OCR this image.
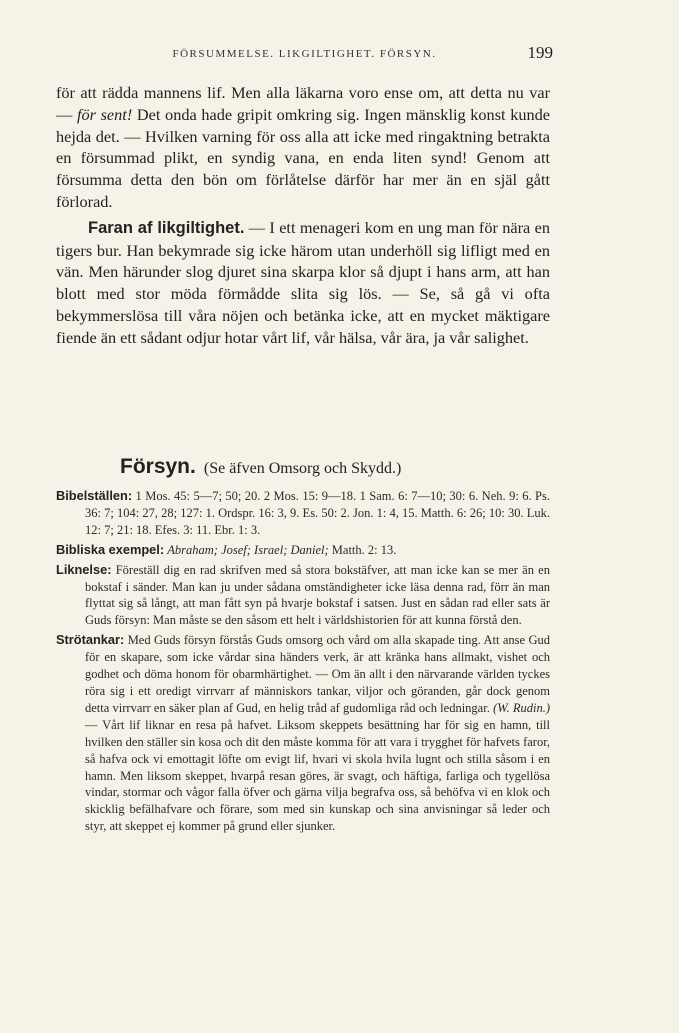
FÖRSUMMELSE. LIKGILTIGHET. FÖRSYN.	199

för att rädda mannens lif. Men alla läkarna voro ense om, att detta nu var — för sent! Det onda hade gripit omkring sig. Ingen mänsklig konst kunde hejda det. — Hvilken varning för oss alla att icke med ringaktning betrakta en försummad plikt, en syndig vana, en enda liten synd! Genom att försumma detta den bön om förlåtelse därför har mer än en själ gått förlorad.

Faran af likgiltighet. — I ett menageri kom en ung man för nära en tigers bur. Han bekymrade sig icke härom utan underhöll sig lifligt med en vän. Men härunder slog djuret sina skarpa klor så djupt i hans arm, att han blott med stor möda förmådde slita sig lös. — Se, så gå vi ofta bekymmerslösa till våra nöjen och betänka icke, att en mycket mäktigare fiende än ett sådant odjur hotar vårt lif, vår hälsa, vår ära, ja vår salighet.

Försyn. (Se äfven Omsorg och Skydd.)

Bibelställen: 1 Mos. 45: 5—7; 50; 20. 2 Mos. 15: 9—18. 1 Sam. 6: 7—10; 30: 6. Neh. 9: 6. Ps. 36: 7; 104: 27, 28; 127: 1. Ordspr. 16: 3, 9. Es. 50: 2. Jon. 1: 4, 15. Matth. 6: 26; 10: 30. Luk. 12: 7; 21: 18. Efes. 3: 11. Ebr. 1: 3.

Bibliska exempel: Abraham; Josef; Israel; Daniel; Matth. 2: 13.

Liknelse: Föreställ dig en rad skrifven med så stora bokstäfver, att man icke kan se mer än en bokstaf i sänder. Man kan ju under sådana omständigheter icke läsa denna rad, förr än man flyttat sig så långt, att man fått syn på hvarje bokstaf i satsen. Just en sådan rad eller sats är Guds försyn: Man måste se den såsom ett helt i världshistorien för att kunna förstå den.

Strötankar: Med Guds försyn förstås Guds omsorg och vård om alla skapade ting. Att anse Gud för en skapare, som icke vårdar sina händers verk, är att kränka hans allmakt, vishet och godhet och döma honom för obarmhärtighet. — Om än allt i den närvarande världen tyckes röra sig i ett oredigt virrvarr af människors tankar, viljor och göranden, går dock genom detta virrvarr en säker plan af Gud, en helig tråd af gudomliga råd och ledningar. (W. Rudin.) — Vårt lif liknar en resa på hafvet. Liksom skeppets besättning har för sig en hamn, till hvilken den ställer sin kosa och dit den måste komma för att vara i trygghet för hafvets faror, så hafva ock vi emottagit löfte om evigt lif, hvari vi skola hvila lugnt och stilla såsom i en hamn. Men liksom skeppet, hvarpå resan göres, är svagt, och häftiga, farliga och tygellösa vindar, stormar och vågor falla öfver och gärna vilja begrafva oss, så behöfva vi en klok och skicklig befälhafvare och förare, som med sin kunskap och sina anvisningar så leder och styr, att skeppet ej kommer på grund eller sjunker.
